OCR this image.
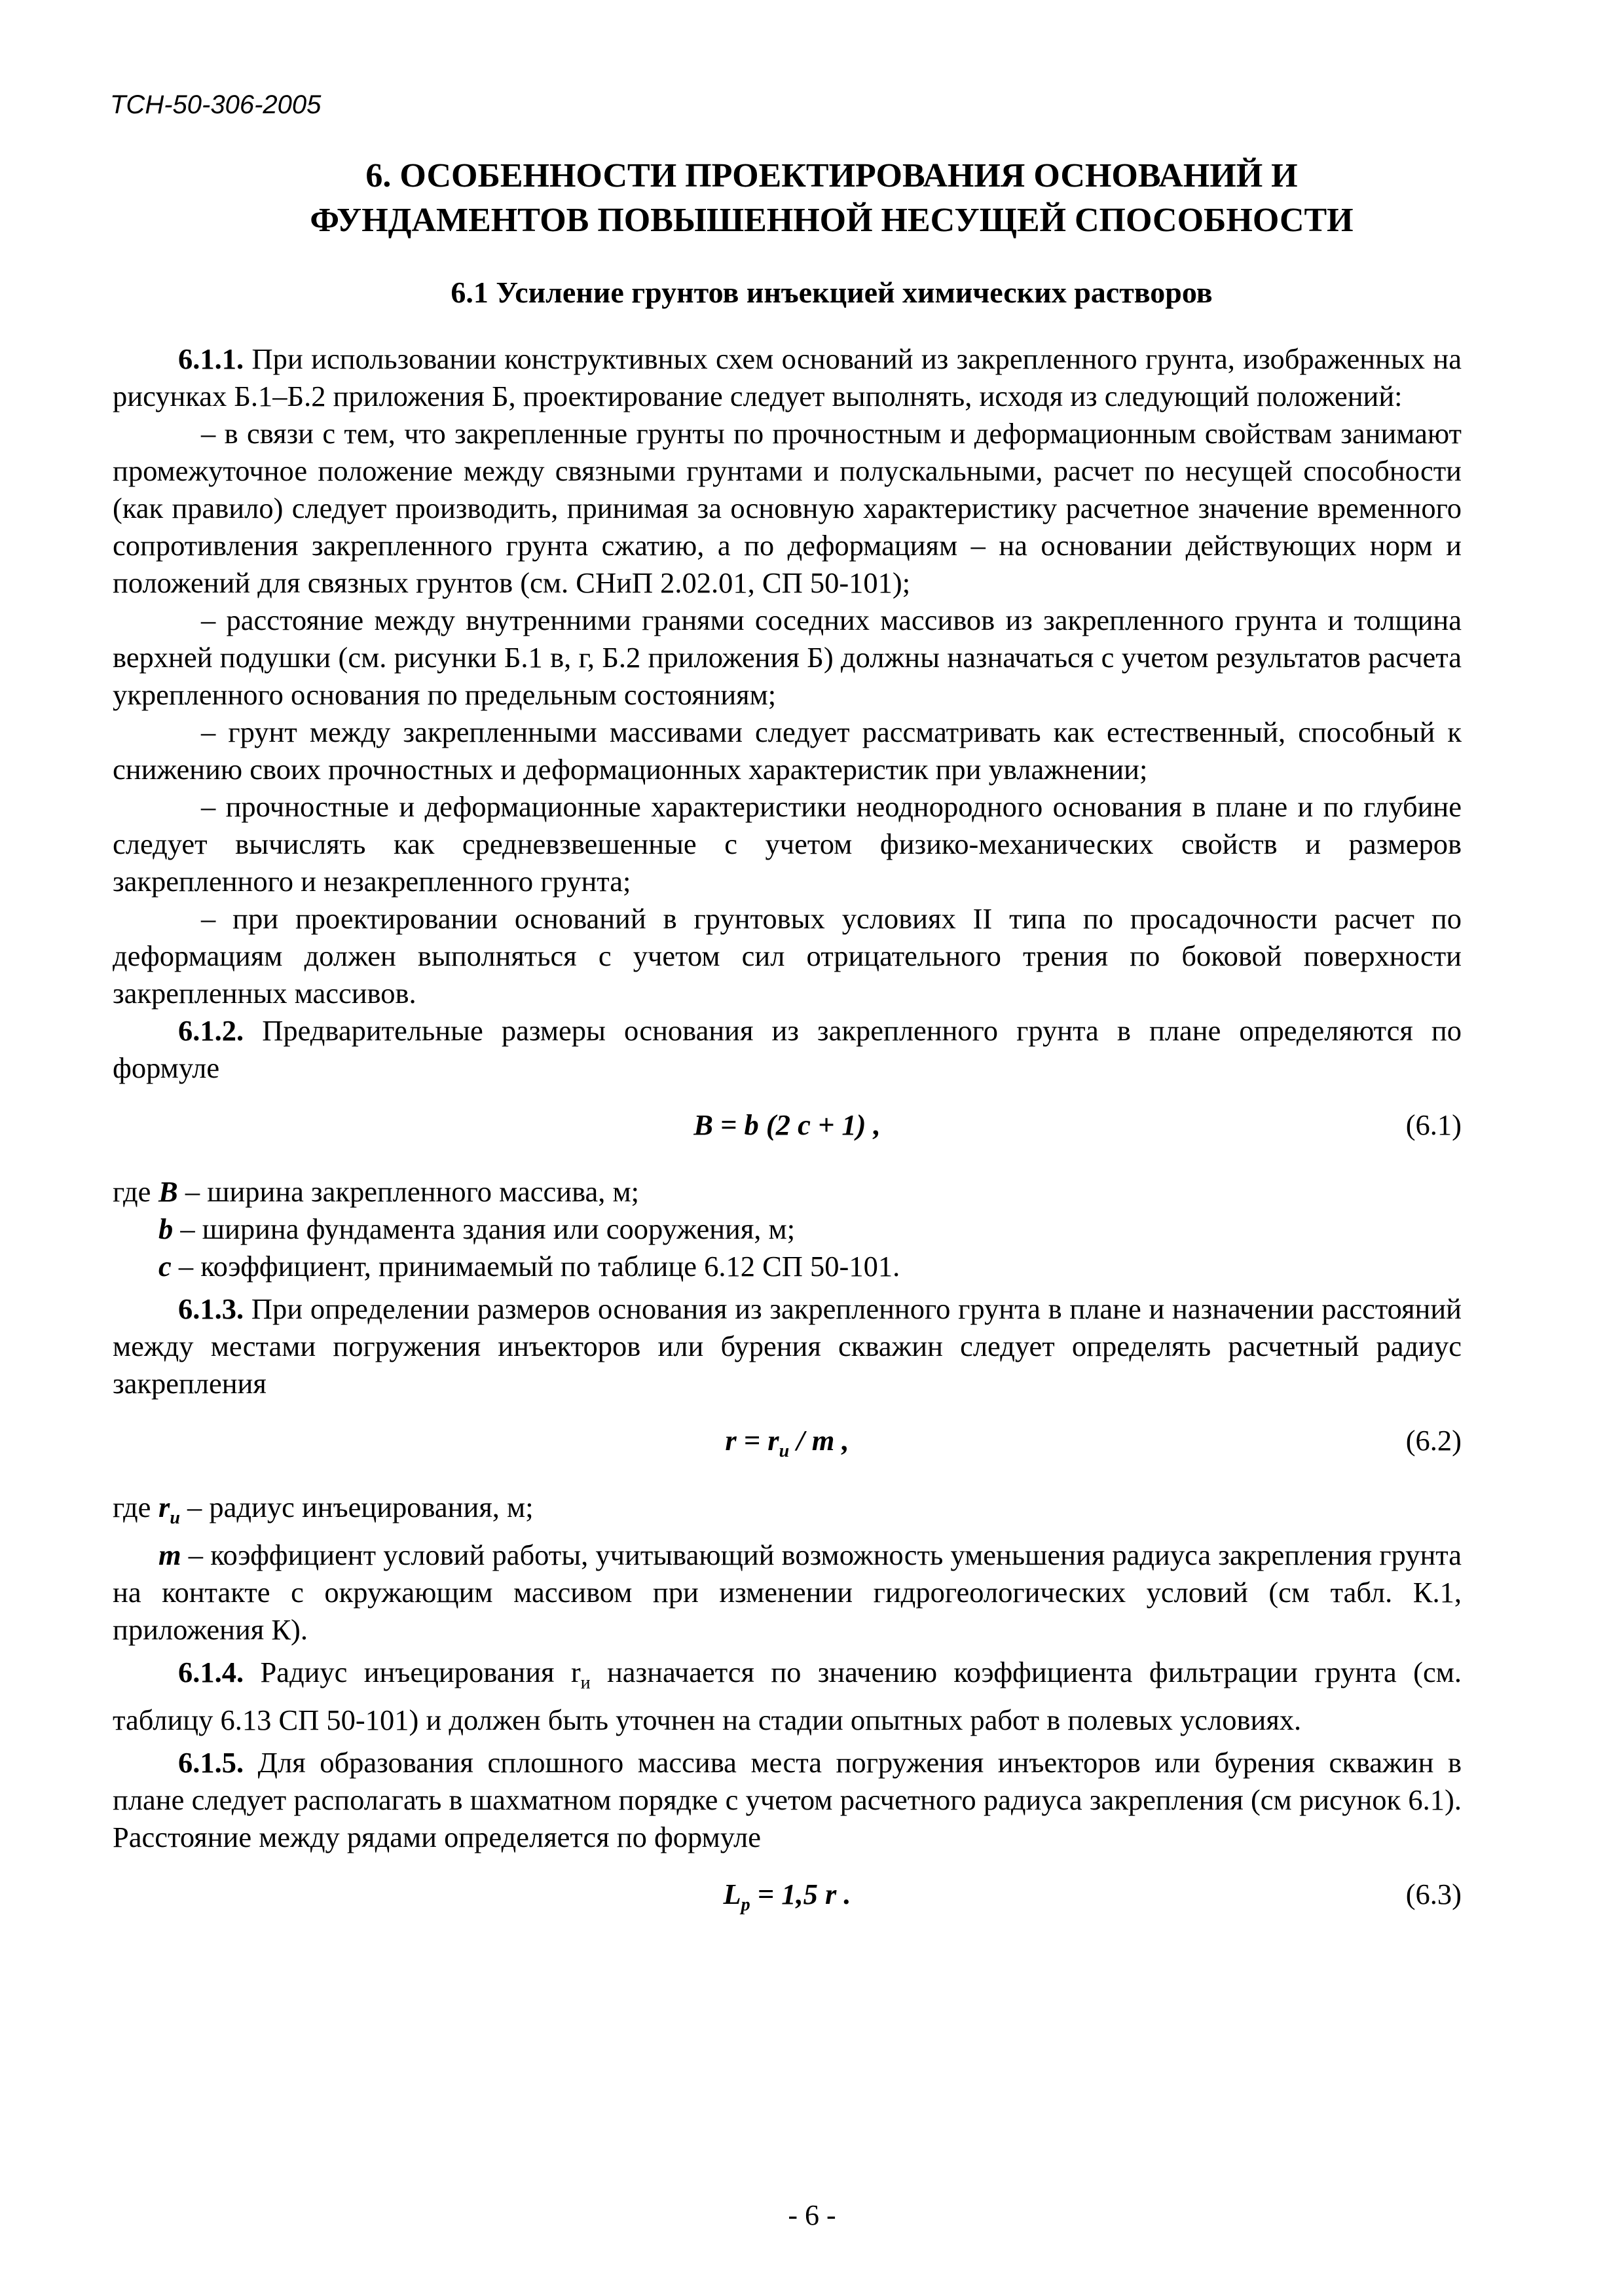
ТСН-50-306-2005
6. ОСОБЕННОСТИ ПРОЕКТИРОВАНИЯ ОСНОВАНИЙ И
ФУНДАМЕНТОВ ПОВЫШЕННОЙ НЕСУЩЕЙ СПОСОБНОСТИ
6.1 Усиление грунтов инъекцией химических растворов

6.1.1. При использовании конструктивных схем оснований из закрепленного грунта, изображенных на рисунках Б.1–Б.2 приложения Б, проектирование следует выполнять, исходя из следующий положений:

– в связи с тем, что закрепленные грунты по прочностным и деформационным свойствам занимают промежуточное положение между связными грунтами и полускальными, расчет по несущей способности (как правило) следует производить, принимая за основную характеристику расчетное значение временного сопротивления закрепленного грунта сжатию, а по деформациям – на основании действующих норм и положений для связных грунтов (см. СНиП 2.02.01, СП 50-101);

– расстояние между внутренними гранями соседних массивов из закрепленного грунта и толщина верхней подушки (см. рисунки Б.1 в, г, Б.2 приложения Б) должны назначаться с учетом результатов расчета укрепленного основания по предельным состояниям;

– грунт между закрепленными массивами следует рассматривать как естественный, способный к снижению своих прочностных и деформационных характеристик при увлажнении;

– прочностные и деформационные характеристики неоднородного основания в плане и по глубине следует вычислять как средневзвешенные с учетом физико-механических свойств и размеров закрепленного и незакрепленного грунта;

– при проектировании оснований в грунтовых условиях II типа по просадочности расчет по деформациям должен выполняться с учетом сил отрицательного трения по боковой поверхности закрепленных массивов.

6.1.2. Предварительные размеры основания из закрепленного грунта в плане определяются по формуле

B = b (2 c + 1) ,	(6.1)

где B – ширина закрепленного массива, м;

b – ширина фундамента здания или сооружения, м;

c – коэффициент, принимаемый по таблице 6.12 СП 50-101.

6.1.3. При определении размеров основания из закрепленного грунта в плане и назначении расстояний между местами погружения инъекторов или бурения скважин следует определять расчетный радиус закрепления

$r = r_и / m$ ,	(6.2)

где $r_и$ – радиус инъецирования, м;

m – коэффициент условий работы, учитывающий возможность уменьшения радиуса закрепления грунта на контакте с окружающим массивом при изменении гидрогеологических условий (см табл. К.1, приложения К).

6.1.4. Радиус инъецирования $r_и$ назначается по значению коэффициента фильтрации грунта (см. таблицу 6.13 СП 50-101) и должен быть уточнен на стадии опытных работ в полевых условиях.

6.1.5. Для образования сплошного массива места погружения инъекторов или бурения скважин в плане следует располагать в шахматном порядке с учетом расчетного радиуса закрепления (см рисунок 6.1). Расстояние между рядами определяется по формуле

$L_р = 1,5$ r .	(6.3)
- 6 -
